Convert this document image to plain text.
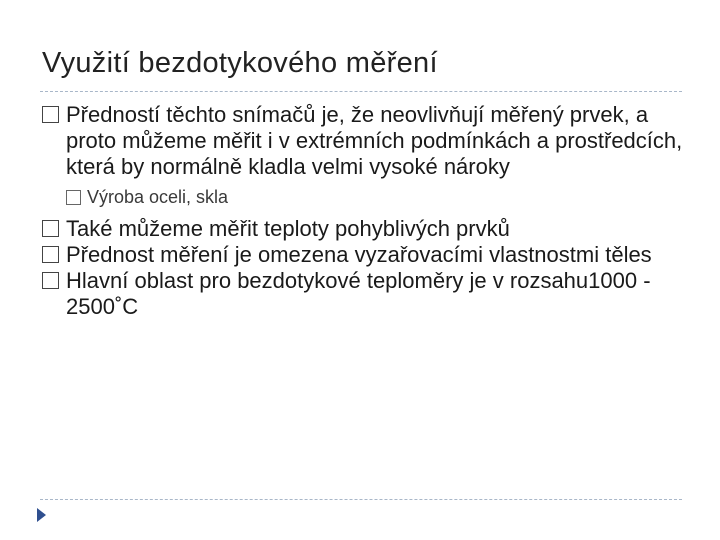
Využití bezdotykového měření
Předností těchto snímačů je, že neovlivňují měřený prvek, a proto můžeme měřit i v extrémních podmínkách a prostředcích, která by normálně kladla velmi vysoké nároky
Výroba oceli, skla
Také můžeme měřit teploty pohyblivých prvků
Přednost měření je omezena vyzařovacími vlastnostmi těles
Hlavní oblast pro bezdotykové teploměry je v rozsahu1000 - 2500˚C
